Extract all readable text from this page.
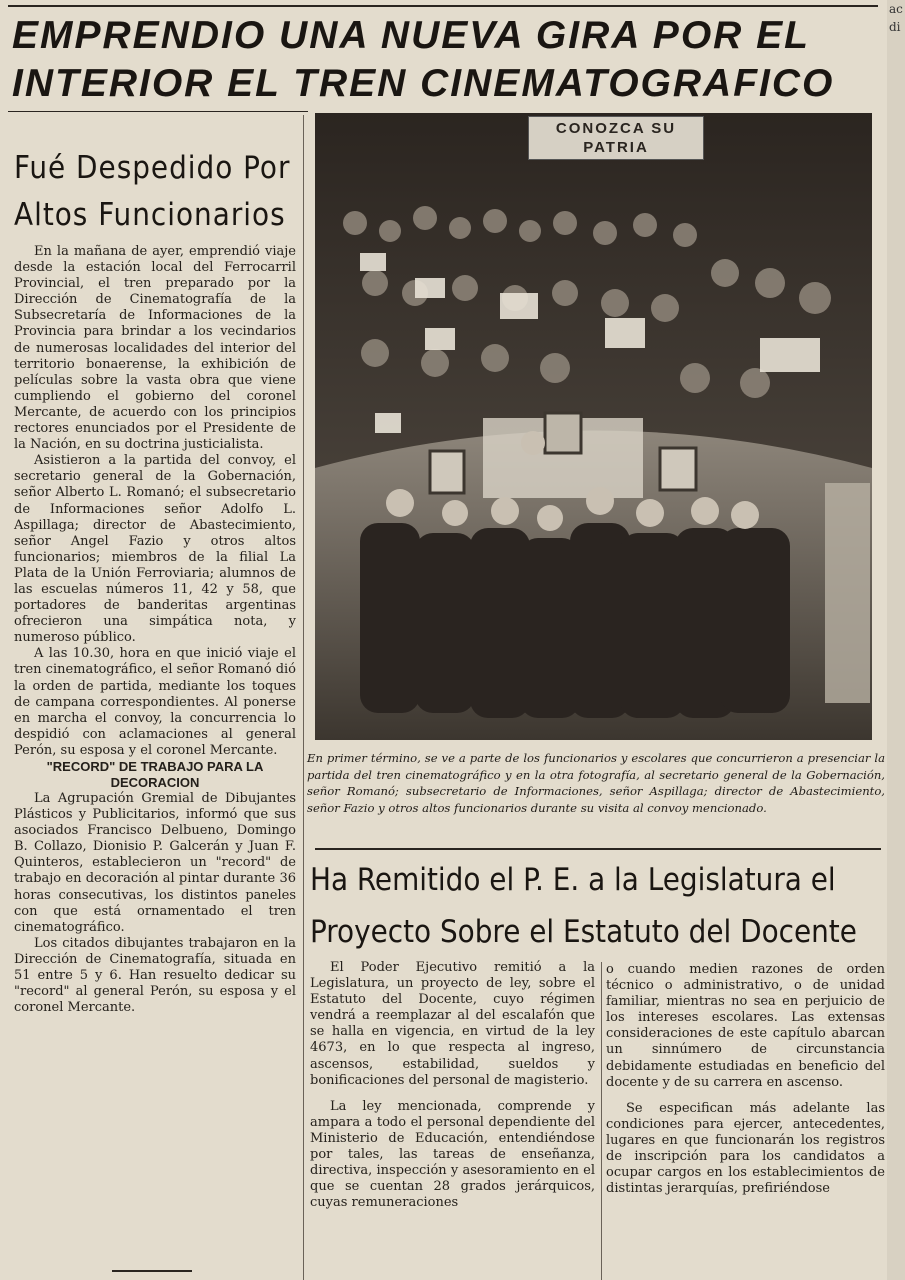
EMPRENDIO UNA NUEVA GIRA POR EL INTERIOR EL TREN CINEMATOGRAFICO
Fué Despedido Por Altos Funcionarios

En la mañana de ayer, emprendió viaje desde la estación local del Ferrocarril Provincial, el tren preparado por la Dirección de Cinematografía de la Subsecretaría de Informaciones de la Provincia para brindar a los vecindarios de numerosas localidades del interior del territorio bonaerense, la exhibición de películas sobre la vasta obra que viene cumpliendo el gobierno del coronel Mercante, de acuerdo con los principios rectores enunciados por el Presidente de la Nación, en su doctrina justicialista.

Asistieron a la partida del convoy, el secretario general de la Gobernación, señor Alberto L. Romanó; el subsecretario de Informaciones señor Adolfo L. Aspillaga; director de Abastecimiento, señor Angel Fazio y otros altos funcionarios; miembros de la filial La Plata de la Unión Ferroviaria; alumnos de las escuelas números 11, 42 y 58, que portadores de banderitas argentinas ofrecieron una simpática nota, y numeroso público.

A las 10.30, hora en que inició viaje el tren cinematográfico, el señor Romanó dió la orden de partida, mediante los toques de campana correspondientes. Al ponerse en marcha el convoy, la concurrencia lo despidió con aclamaciones al general Perón, su esposa y el coronel Mercante.

"RECORD" DE TRABAJO PARA LA DECORACION

La Agrupación Gremial de Dibujantes Plásticos y Publicitarios, informó que sus asociados Francisco Delbueno, Domingo B. Collazo, Dionisio P. Galcerán y Juan F. Quinteros, establecieron un "record" de trabajo en decoración al pintar durante 36 horas consecutivas, los distintos paneles con que está ornamentado el tren cinematográfico.

Los citados dibujantes trabajaron en la Dirección de Cinematografía, situada en 51 entre 5 y 6. Han resuelto dedicar su "record" al general Perón, su esposa y el coronel Mercante.

CONOZCA SU PATRIA
En primer término, se ve a parte de los funcionarios y escolares que concurrieron a presenciar la partida del tren cinematográfico y en la otra fotografía, al secretario general de la Gobernación, señor Romanó; subsecretario de Informaciones, señor Aspillaga; director de Abastecimiento, señor Fazio y otros altos funcionarios durante su visita al convoy mencionado.
Ha Remitido el P. E. a la Legislatura el Proyecto Sobre el Estatuto del Docente

El Poder Ejecutivo remitió a la Legislatura, un proyecto de ley, sobre el Estatuto del Docente, cuyo régimen vendrá a reemplazar al del escalafón que se halla en vigencia, en virtud de la ley 4673, en lo que respecta al ingreso, ascensos, estabilidad, sueldos y bonificaciones del personal de magisterio.

La ley mencionada, comprende y ampara a todo el personal dependiente del Ministerio de Educación, entendiéndose por tales, las tareas de enseñanza, directiva, inspección y asesoramiento en el que se cuentan 28 grados jerárquicos, cuyas remuneraciones

o cuando medien razones de orden técnico o administrativo, o de unidad familiar, mientras no sea en perjuicio de los intereses escolares. Las extensas consideraciones de este capítulo abarcan un sinnúmero de circunstancia debidamente estudiadas en beneficio del docente y de su carrera en ascenso.

Se especifican más adelante las condiciones para ejercer, antecedentes, lugares en que funcionarán los registros de inscripción para los candidatos a ocupar cargos en los establecimientos de distintas jerarquías, prefiriéndose

ac
di
